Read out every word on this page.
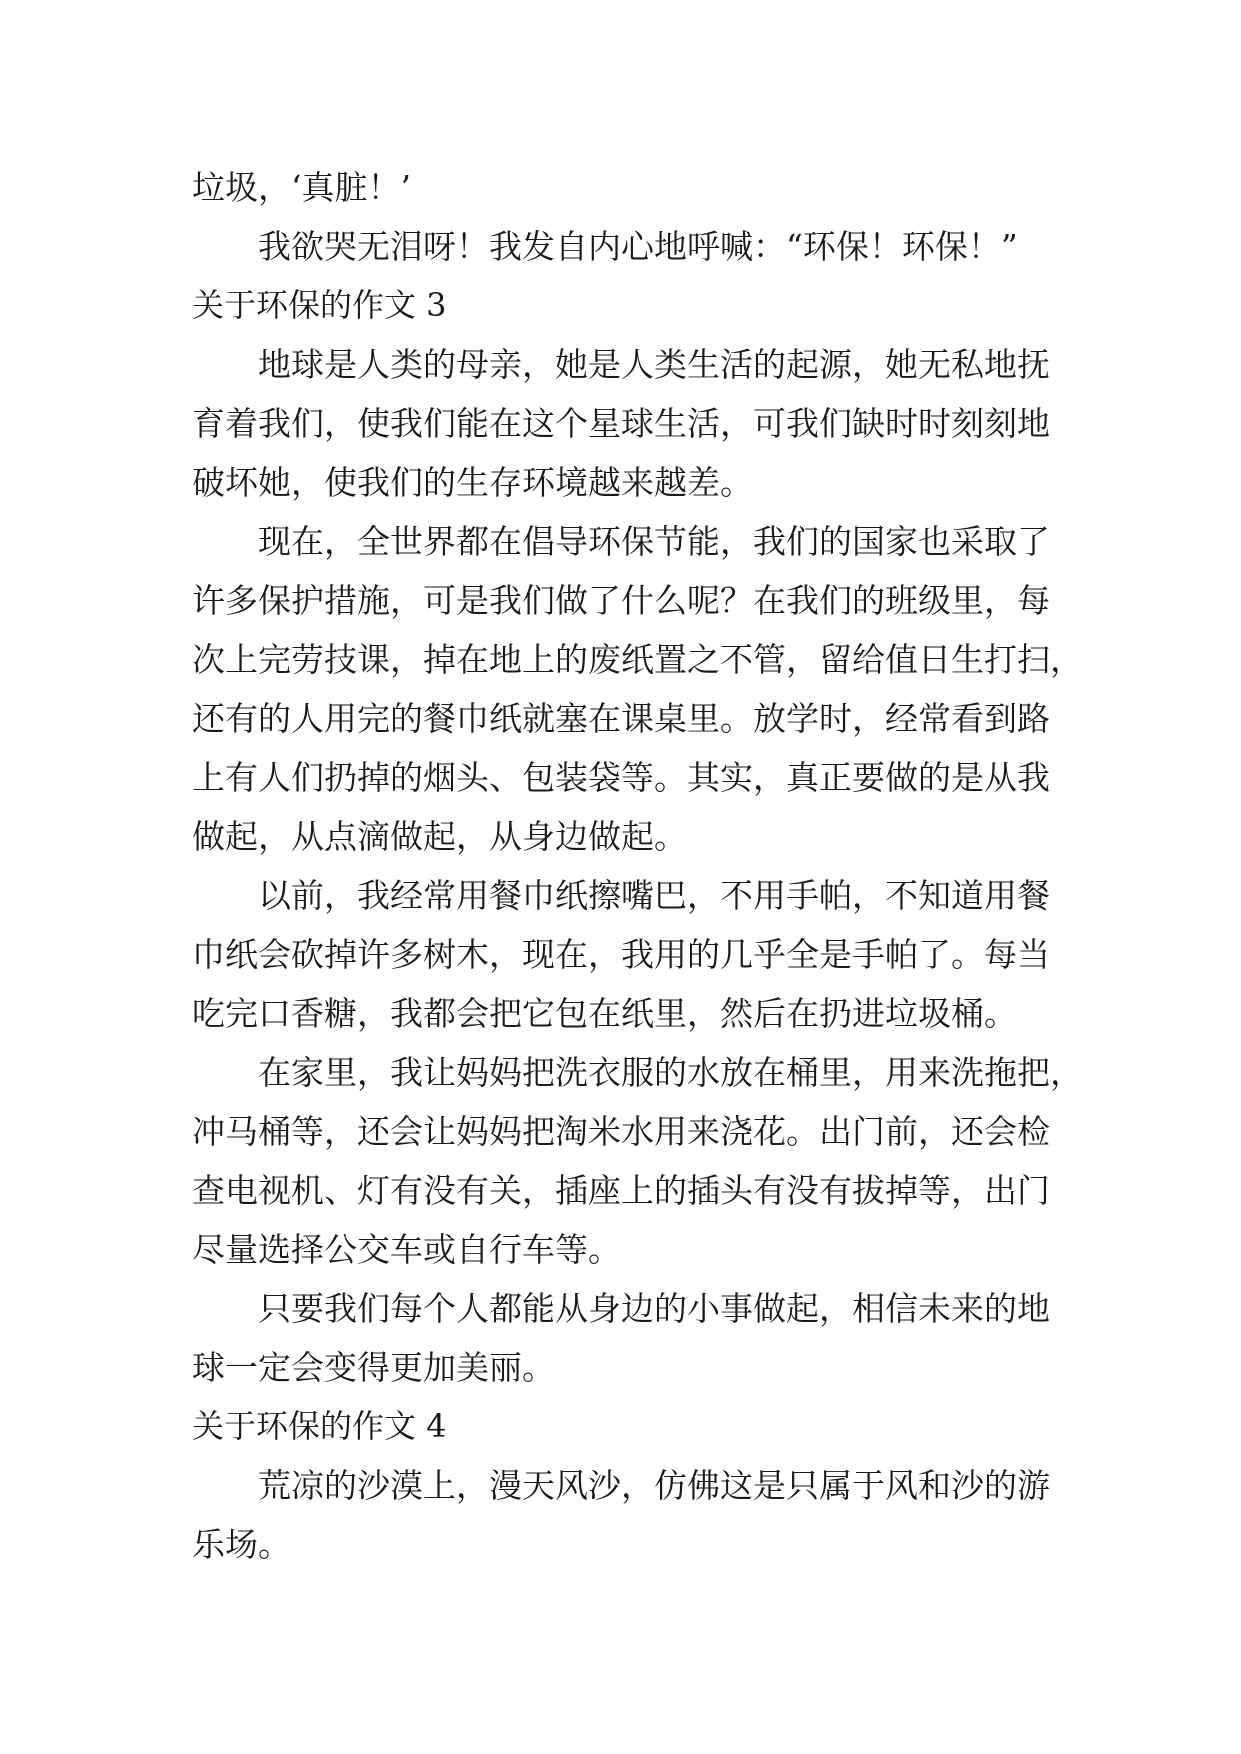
垃圾，‘真脏！’
我欲哭无泪呀！我发自内心地呼喊：“环保！环保！”
关于环保的作文 3
地球是人类的母亲，她是人类生活的起源，她无私地抚
育着我们，使我们能在这个星球生活，可我们缺时时刻刻地
破坏她，使我们的生存环境越来越差。
现在，全世界都在倡导环保节能，我们的国家也采取了
许多保护措施，可是我们做了什么呢？在我们的班级里，每
次上完劳技课，掉在地上的废纸置之不管，留给值日生打扫，
还有的人用完的餐巾纸就塞在课桌里。放学时，经常看到路
上有人们扔掉的烟头、包装袋等。其实，真正要做的是从我
做起，从点滴做起，从身边做起。
以前，我经常用餐巾纸擦嘴巴，不用手帕，不知道用餐
巾纸会砍掉许多树木，现在，我用的几乎全是手帕了。每当
吃完口香糖，我都会把它包在纸里，然后在扔进垃圾桶。
在家里，我让妈妈把洗衣服的水放在桶里，用来洗拖把，
冲马桶等，还会让妈妈把淘米水用来浇花。出门前，还会检
查电视机、灯有没有关，插座上的插头有没有拔掉等，出门
尽量选择公交车或自行车等。
只要我们每个人都能从身边的小事做起，相信未来的地
球一定会变得更加美丽。
关于环保的作文 4
荒凉的沙漠上，漫天风沙，仿佛这是只属于风和沙的游
乐场。
